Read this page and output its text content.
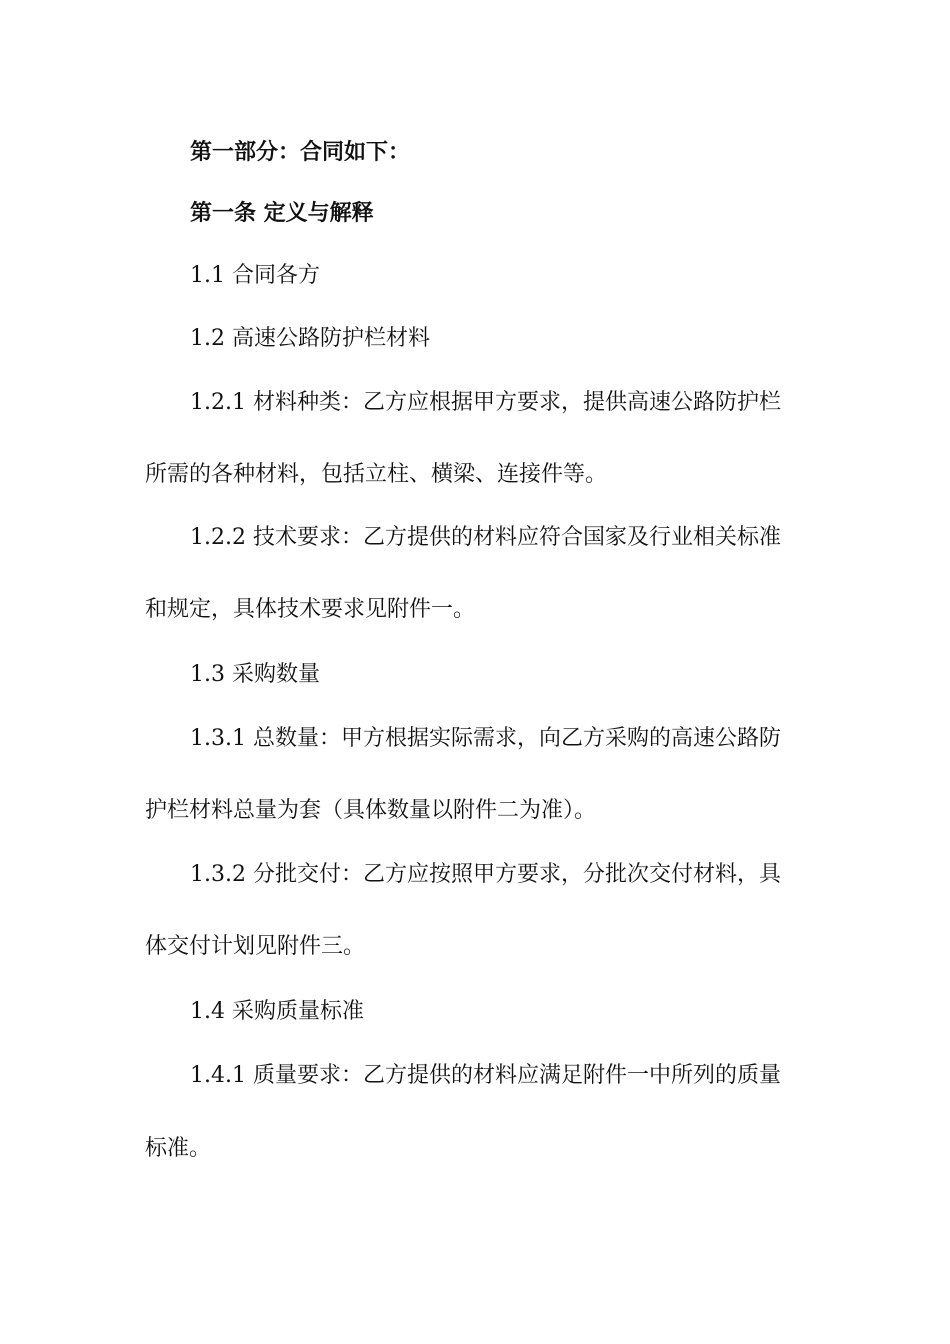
第一部分：合同如下：
第一条 定义与解释
1.1 合同各方
1.2 高速公路防护栏材料
1.2.1 材料种类：乙方应根据甲方要求，提供高速公路防护栏
所需的各种材料，包括立柱、横梁、连接件等。
1.2.2 技术要求：乙方提供的材料应符合国家及行业相关标准
和规定，具体技术要求见附件一。
1.3 采购数量
1.3.1 总数量：甲方根据实际需求，向乙方采购的高速公路防
护栏材料总量为套（具体数量以附件二为准）。
1.3.2 分批交付：乙方应按照甲方要求，分批次交付材料，具
体交付计划见附件三。
1.4 采购质量标准
1.4.1 质量要求：乙方提供的材料应满足附件一中所列的质量
标准。
